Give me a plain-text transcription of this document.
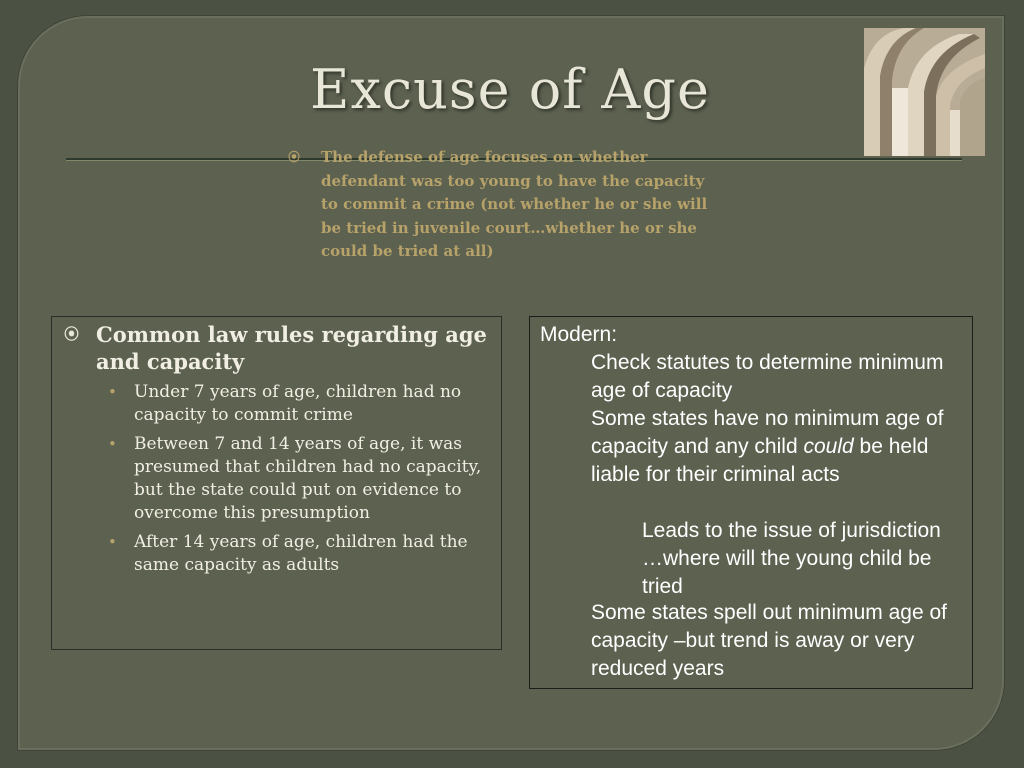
Excuse of Age
⦿ The defense of age focuses on whether defendant was too young to have the capacity to commit a crime (not whether he or she will be tried in juvenile court…whether he or she could be tried at all)
⦿ Common law rules regarding age and capacity
• Under 7 years of age, children had no capacity to commit crime
• Between 7 and 14 years of age, it was presumed that children had no capacity, but the state could put on evidence to overcome this presumption
• After 14 years of age, children had the same capacity as adults
Modern:
Check statutes to determine minimum age of capacity
Some states have no minimum age of capacity and any child could be held liable for their criminal acts
Leads to the issue of jurisdiction …where will the young child be tried
Some states spell out minimum age of capacity –but trend is away or very reduced years
